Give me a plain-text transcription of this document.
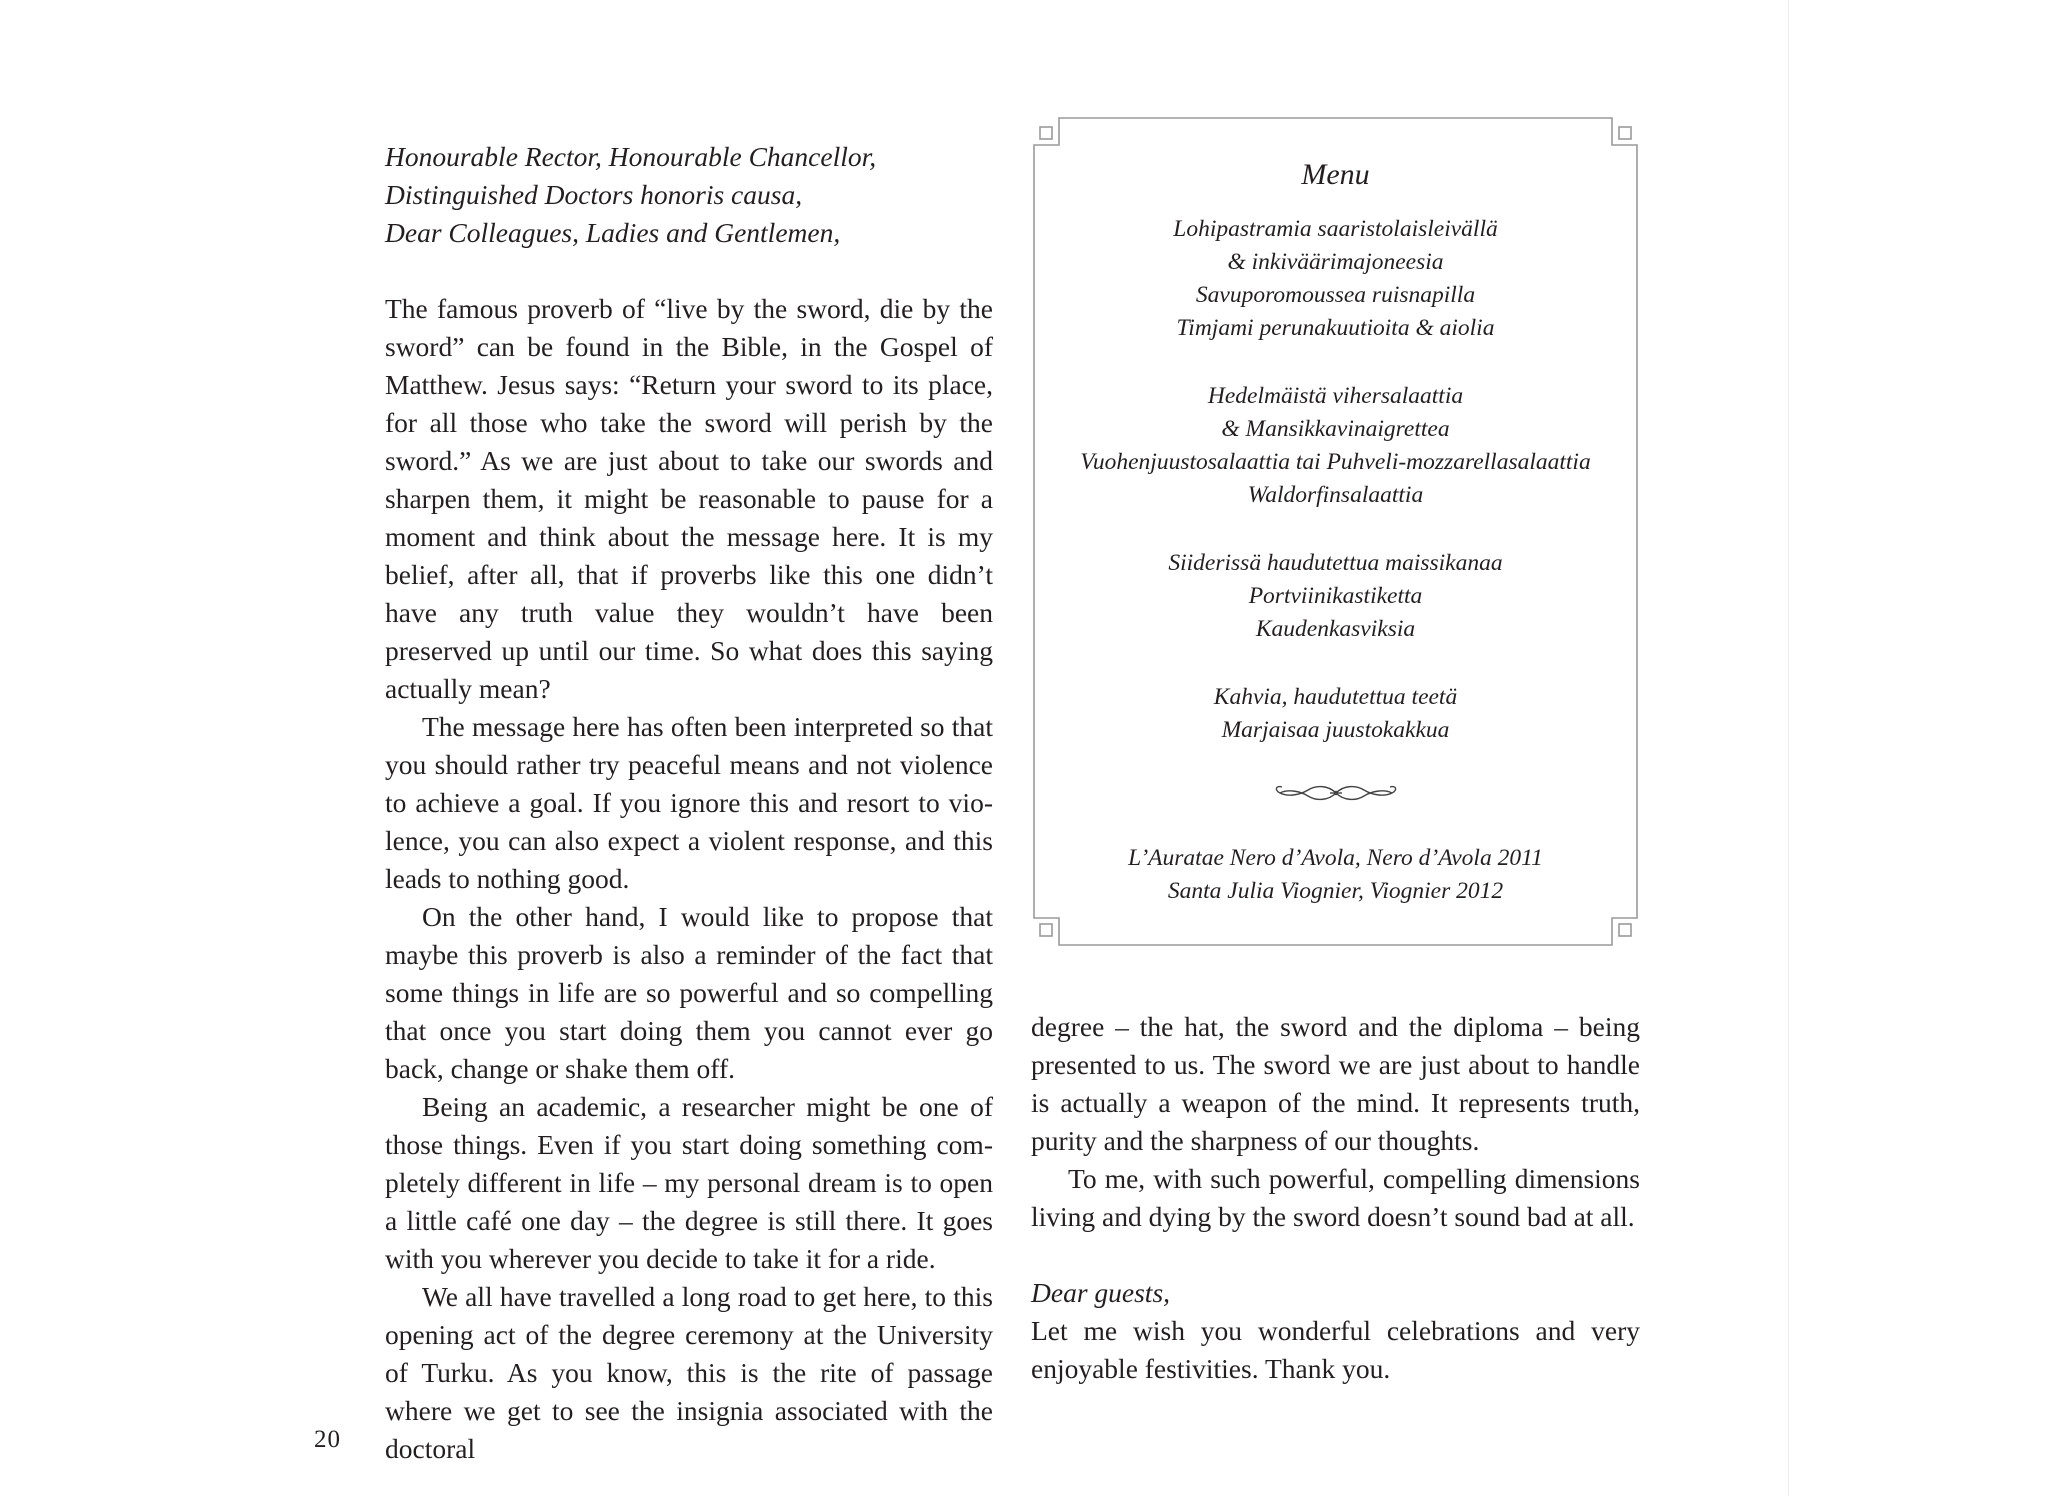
Honourable Rector, Honourable Chancellor,
Distinguished Doctors honoris causa,
Dear Colleagues, Ladies and Gentlemen,

The famous proverb of “live by the sword, die by the sword” can be found in the Bible, in the Gospel of Matthew. Jesus says: “Return your sword to its place, for all those who take the sword will perish by the sword.” As we are just about to take our swords and sharpen them, it might be reasonable to pause for a moment and think about the message here. It is my belief, after all, that if proverbs like this one didn’t have any truth value they wouldn’t have been preserved up until our time. So what does this saying actually mean?

The message here has often been interpreted so that you should rather try peaceful means and not violence to achieve a goal. If you ignore this and resort to violence, you can also expect a violent response, and this leads to nothing good.

On the other hand, I would like to propose that maybe this proverb is also a reminder of the fact that some things in life are so powerful and so compelling that once you start doing them you cannot ever go back, change or shake them off.

Being an academic, a researcher might be one of those things. Even if you start doing something completely different in life – my personal dream is to open a little café one day – the degree is still there. It goes with you wherever you decide to take it for a ride.

We all have travelled a long road to get here, to this opening act of the degree ceremony at the University of Turku. As you know, this is the rite of passage where we get to see the insignia associated with the doctoral

Menu
Lohipastramia saaristolaisleivällä
& inkiväärimajoneesia
Savuporomoussea ruisnapilla
Timjami perunakuutioita & aiolia
Hedelmäistä vihersalaattia
& Mansikkavinaigrettea
Vuohenjuustosalaattia tai Puhveli-mozzarellasalaattia
Waldorfinsalaattia
Siiderissä haudutettua maissikanaa
Portviinikastiketta
Kaudenkasviksia
Kahvia, haudutettua teetä
Marjaisaa juustokakkua
L’Auratae Nero d’Avola, Nero d’Avola 2011
Santa Julia Viognier, Viognier 2012

degree – the hat, the sword and the diploma – being presented to us. The sword we are just about to handle is actually a weapon of the mind. It represents truth, purity and the sharpness of our thoughts.

To me, with such powerful, compelling dimensions living and dying by the sword doesn’t sound bad at all.

Dear guests,

Let me wish you wonderful celebrations and very enjoyable festivities. Thank you.

20
